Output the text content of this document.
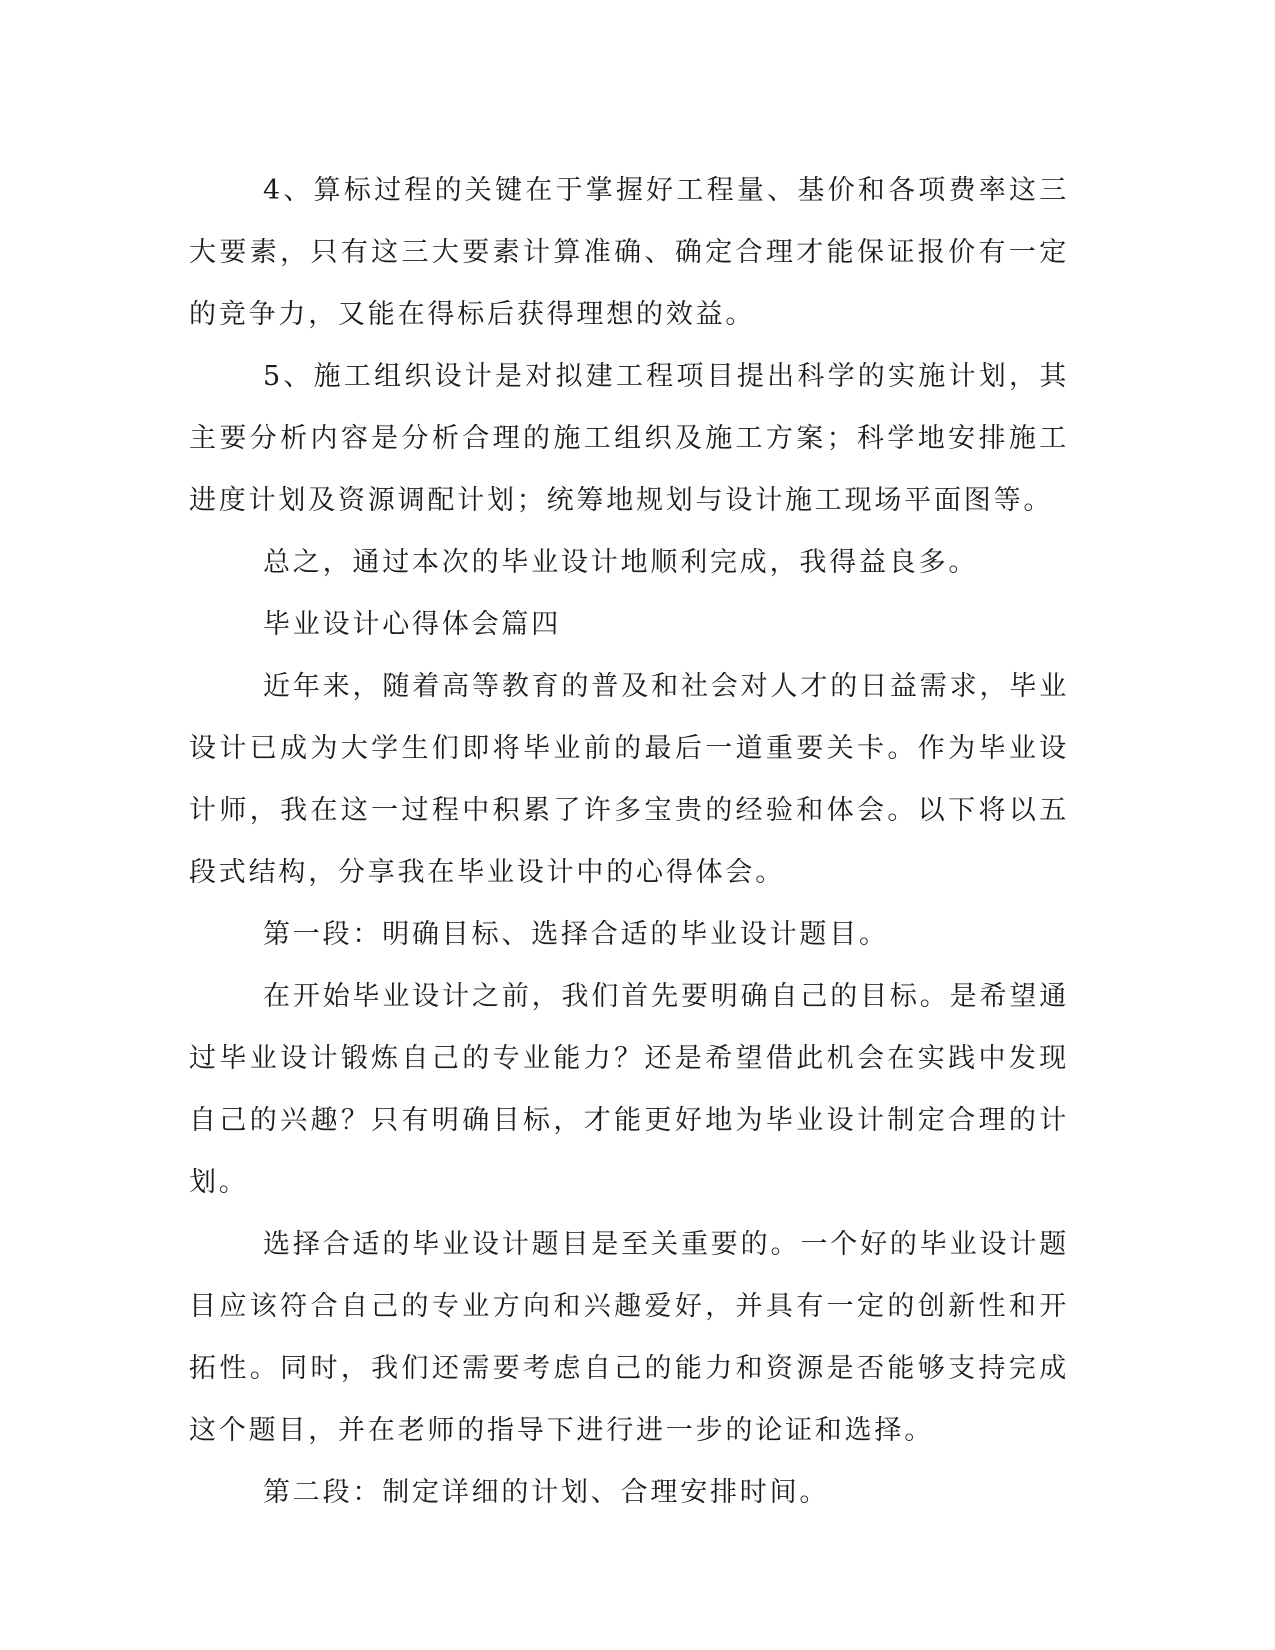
4、算标过程的关键在于掌握好工程量、基价和各项费率这三大要素，只有这三大要素计算准确、确定合理才能保证报价有一定的竞争力，又能在得标后获得理想的效益。

5、施工组织设计是对拟建工程项目提出科学的实施计划，其主要分析内容是分析合理的施工组织及施工方案；科学地安排施工进度计划及资源调配计划；统筹地规划与设计施工现场平面图等。

总之，通过本次的毕业设计地顺利完成，我得益良多。

毕业设计心得体会篇四

近年来，随着高等教育的普及和社会对人才的日益需求，毕业设计已成为大学生们即将毕业前的最后一道重要关卡。作为毕业设计师，我在这一过程中积累了许多宝贵的经验和体会。以下将以五段式结构，分享我在毕业设计中的心得体会。

第一段：明确目标、选择合适的毕业设计题目。

在开始毕业设计之前，我们首先要明确自己的目标。是希望通过毕业设计锻炼自己的专业能力？还是希望借此机会在实践中发现自己的兴趣？只有明确目标，才能更好地为毕业设计制定合理的计划。

选择合适的毕业设计题目是至关重要的。一个好的毕业设计题目应该符合自己的专业方向和兴趣爱好，并具有一定的创新性和开拓性。同时，我们还需要考虑自己的能力和资源是否能够支持完成这个题目，并在老师的指导下进行进一步的论证和选择。

第二段：制定详细的计划、合理安排时间。
